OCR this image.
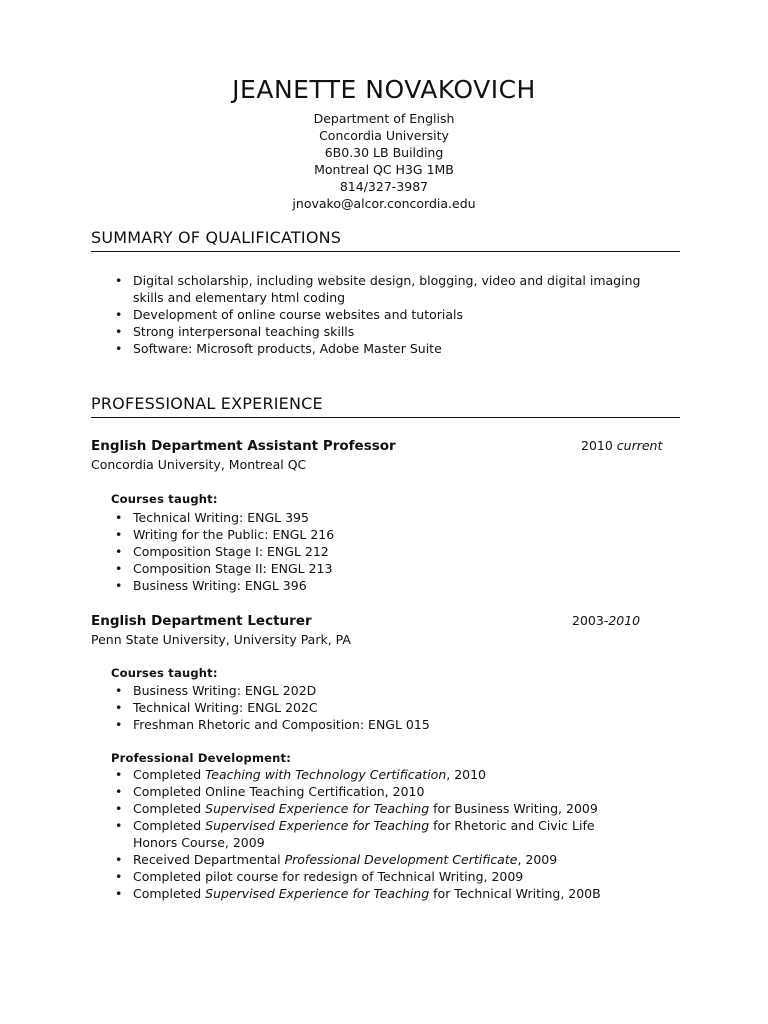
JEANETTE NOVAKOVICH
Department of English
Concordia University
6B0.30 LB Building
Montreal QC H3G 1MB
814/327-3987
jnovako@alcor.concordia.edu
SUMMARY OF QUALIFICATIONS
• Digital scholarship, including website design, blogging, video and digital imaging
skills and elementary html coding
• Development of online course websites and tutorials
• Strong interpersonal teaching skills
• Software: Microsoft products, Adobe Master Suite
PROFESSIONAL EXPERIENCE
English Department Assistant Professor	2010 current
Concordia University, Montreal QC
Courses taught:
• Technical Writing: ENGL 395
• Writing for the Public: ENGL 216
• Composition Stage I: ENGL 212
• Composition Stage II: ENGL 213
• Business Writing: ENGL 396
English Department Lecturer	2003-2010
Penn State University, University Park, PA
Courses taught:
• Business Writing: ENGL 202D
• Technical Writing: ENGL 202C
• Freshman Rhetoric and Composition: ENGL 015
Professional Development:
• Completed Teaching with Technology Certification, 2010
• Completed Online Teaching Certification, 2010
• Completed Supervised Experience for Teaching for Business Writing, 2009
• Completed Supervised Experience for Teaching for Rhetoric and Civic Life
Honors Course, 2009
• Received Departmental Professional Development Certificate, 2009
• Completed pilot course for redesign of Technical Writing, 2009
• Completed Supervised Experience for Teaching for Technical Writing, 200B
